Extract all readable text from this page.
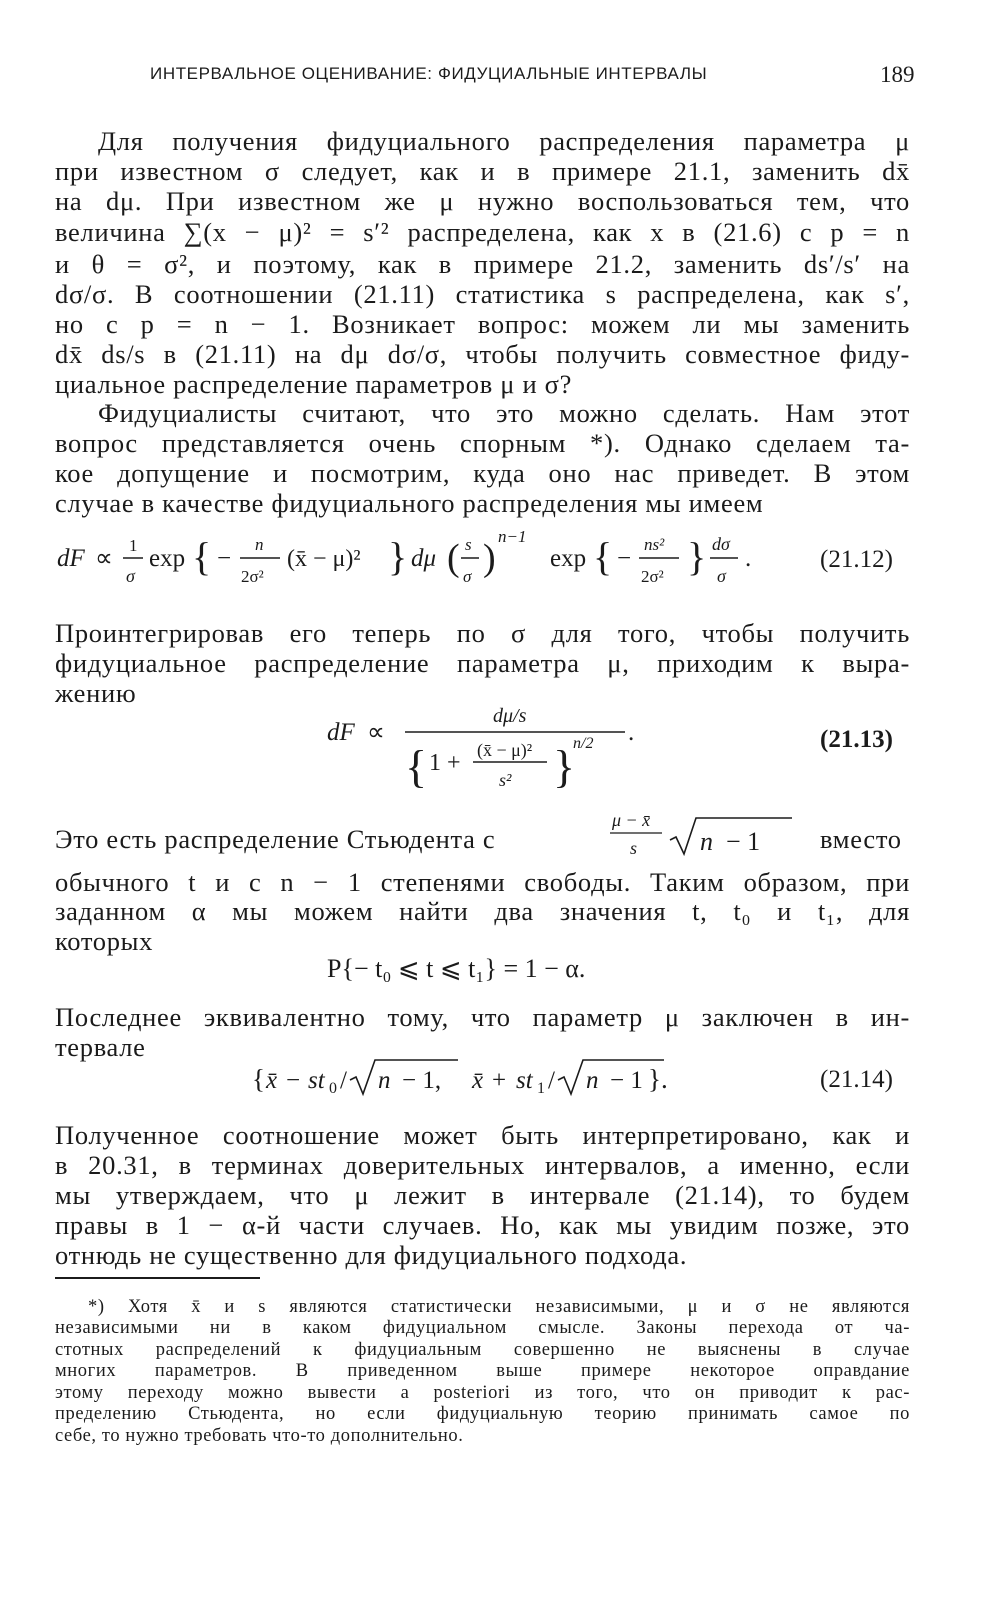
ИНТЕРВАЛЬНОЕ ОЦЕНИВАНИЕ: ФИДУЦИАЛЬНЫЕ ИНТЕРВАЛЫ	189
Для получения фидуциального распределения параметра μ
при известном σ следует, как и в примере 21.1, заменить dx̄
на dμ. При известном же μ нужно воспользоваться тем, что
величина ∑(x − μ)² = s′² распределена, как x в (21.6) с p = n
и θ = σ², и поэтому, как в примере 21.2, заменить ds′/s′ на
dσ/σ. В соотношении (21.11) статистика s распределена, как s′,
но с p = n − 1. Возникает вопрос: можем ли мы заменить
dx̄ ds/s в (21.11) на dμ dσ/σ, чтобы получить совместное фиду-
циальное распределение параметров μ и σ?
Фидуциалисты считают, что это можно сделать. Нам этот
вопрос представляется очень спорным *). Однако сделаем та-
кое допущение и посмотрим, куда оно нас приведет. В этом
случае в качестве фидуциального распределения мы имеем
dF ∝ 1
σ
exp { −
n
2σ²
(x̄ − μ)² } dμ ( s
σ )
n−1
exp { −
ns²
2σ² } dσ
σ
.	(21.12)
Проинтегрировав его теперь по σ для того, чтобы получить
фидуциальное распределение параметра μ, приходим к выра-
жению
dF ∝
dμ/s
{ 1 + (x̄ − μ)²
s² }
n/2 .	(21.13)
Это есть распределение Стьюдента с
μ − x̄
s n − 1 вместо
обычного t и с n − 1 степенями свободы. Таким образом, при
заданном α мы можем найти два значения t, t₀ и t₁, для
которых
P{− t₀ ⩽ t ⩽ t₁} = 1 − α.
Последнее эквивалентно тому, что параметр μ заключен в ин-
тервале
{ x̄ − st 0 / n − 1, x̄ + st 1 / n − 1 }.	(21.14)
Полученное соотношение может быть интерпретировано, как и
в 20.31, в терминах доверительных интервалов, а именно, если
мы утверждаем, что μ лежит в интервале (21.14), то будем
правы в 1 − α-й части случаев. Но, как мы увидим позже, это
отнюдь не существенно для фидуциального подхода.
*) Хотя x̄ и s являются статистически независимыми, μ и σ не являются
независимыми ни в каком фидуциальном смысле. Законы перехода от ча-
стотных распределений к фидуциальным совершенно не выяснены в случае
многих параметров. В приведенном выше примере некоторое оправдание
этому переходу можно вывести a posteriori из того, что он приводит к рас-
пределению Стьюдента, но если фидуциальную теорию принимать самое по
себе, то нужно требовать что-то дополнительно.
